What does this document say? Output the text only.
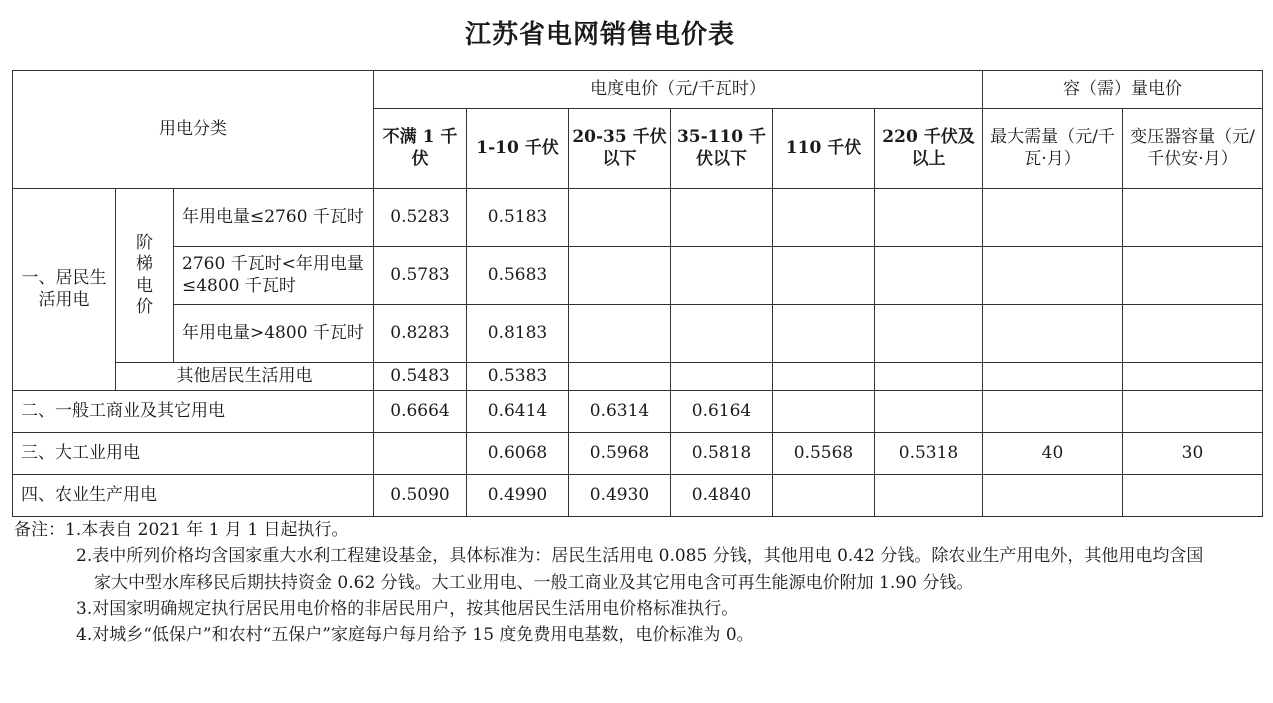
江苏省电网销售电价表
用电分类			电度电价（元/千瓦时）						容（需）量电价	
			不满 1 千伏	1-10 千伏	20-35 千伏以下	35-110 千伏以下	110 千伏	220 千伏及以上	最大需量（元/千瓦·月）	变压器容量（元/千伏安·月）
一、居民生活用电	阶梯电价	年用电量≤2760 千瓦时	0.5283	0.5183						
		2760 千瓦时<年用电量≤4800 千瓦时	0.5783	0.5683						
		年用电量>4800 千瓦时	0.8283	0.8183						
	其他居民生活用电		0.5483	0.5383						
二、一般工商业及其它用电			0.6664	0.6414	0.6314	0.6164				
三、大工业用电				0.6068	0.5968	0.5818	0.5568	0.5318	40	30
四、农业生产用电			0.5090	0.4990	0.4930	0.4840				
备注： 1.本表自 2021 年 1 月 1 日起执行。
2.表中所列价格均含国家重大水利工程建设基金，具体标准为：居民生活用电 0.085 分钱，其他用电 0.42 分钱。除农业生产用电外，其他用电均含国家大中型水库移民后期扶持资金 0.62 分钱。大工业用电、一般工商业及其它用电含可再生能源电价附加 1.90 分钱。
3.对国家明确规定执行居民用电价格的非居民用户，按其他居民生活用电价格标准执行。
4.对城乡“低保户”和农村“五保户”家庭每户每月给予 15 度免费用电基数，电价标准为 0。
